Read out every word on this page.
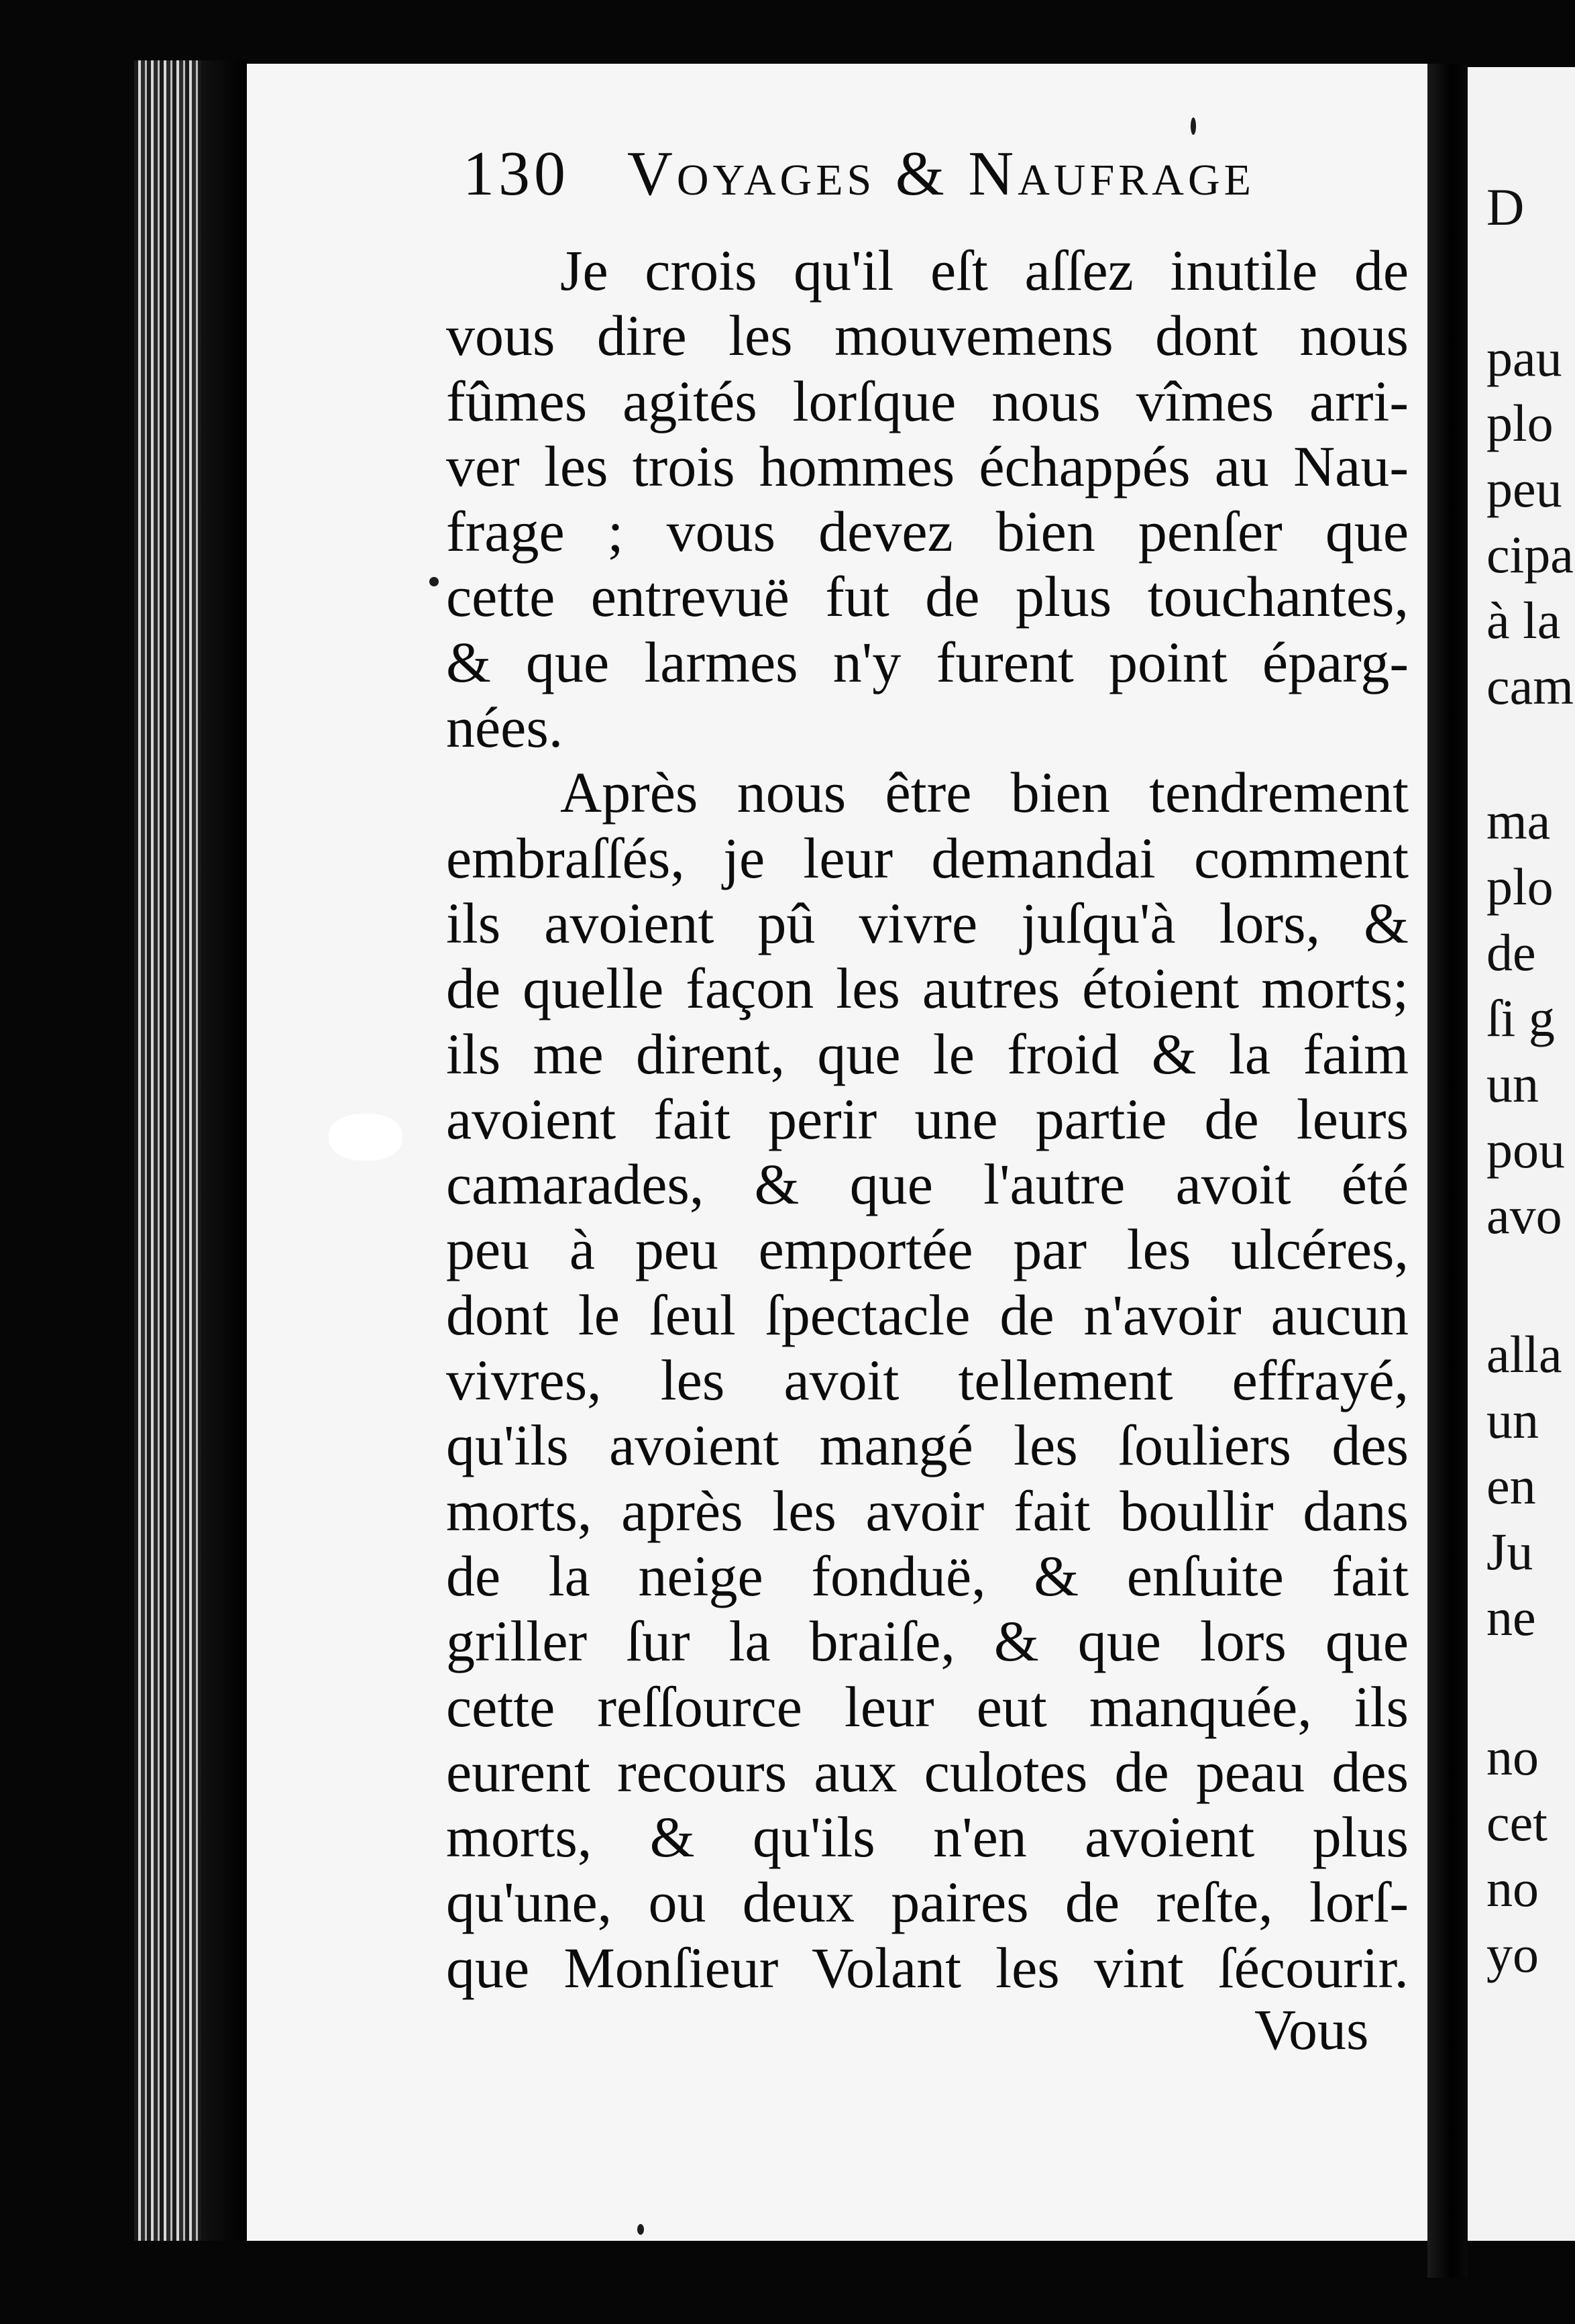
D
pau
plo
peu
cipa
à la
cam
ma
plo
de
ſi g
un
pou
avo
alla
un
en
Ju
ne
no
cet
no
yo
130 Voyages & Naufrage
Je crois qu'il eſt aſſez inutile de
vous dire les mouvemens dont nous
fûmes agités lorſque nous vîmes arri-
ver les trois hommes échappés au Nau-
frage ; vous devez bien penſer que
cette entrevuë fut de plus touchantes,
& que larmes n'y furent point éparg-
nées.
Après nous être bien tendrement
embraſſés, je leur demandai comment
ils avoient pû vivre juſqu'à lors, &
de quelle façon les autres étoient morts;
ils me dirent, que le froid & la faim
avoient fait perir une partie de leurs
camarades, & que l'autre avoit été
peu à peu emportée par les ulcéres,
dont le ſeul ſpectacle de n'avoir aucun
vivres, les avoit tellement effrayé,
qu'ils avoient mangé les ſouliers des
morts, après les avoir fait boullir dans
de la neige fonduë, & enſuite fait
griller ſur la braiſe, & que lors que
cette reſſource leur eut manquée, ils
eurent recours aux culotes de peau des
morts, & qu'ils n'en avoient plus
qu'une, ou deux paires de reſte, lorſ-
que Monſieur Volant les vint ſécourir.
Vous
